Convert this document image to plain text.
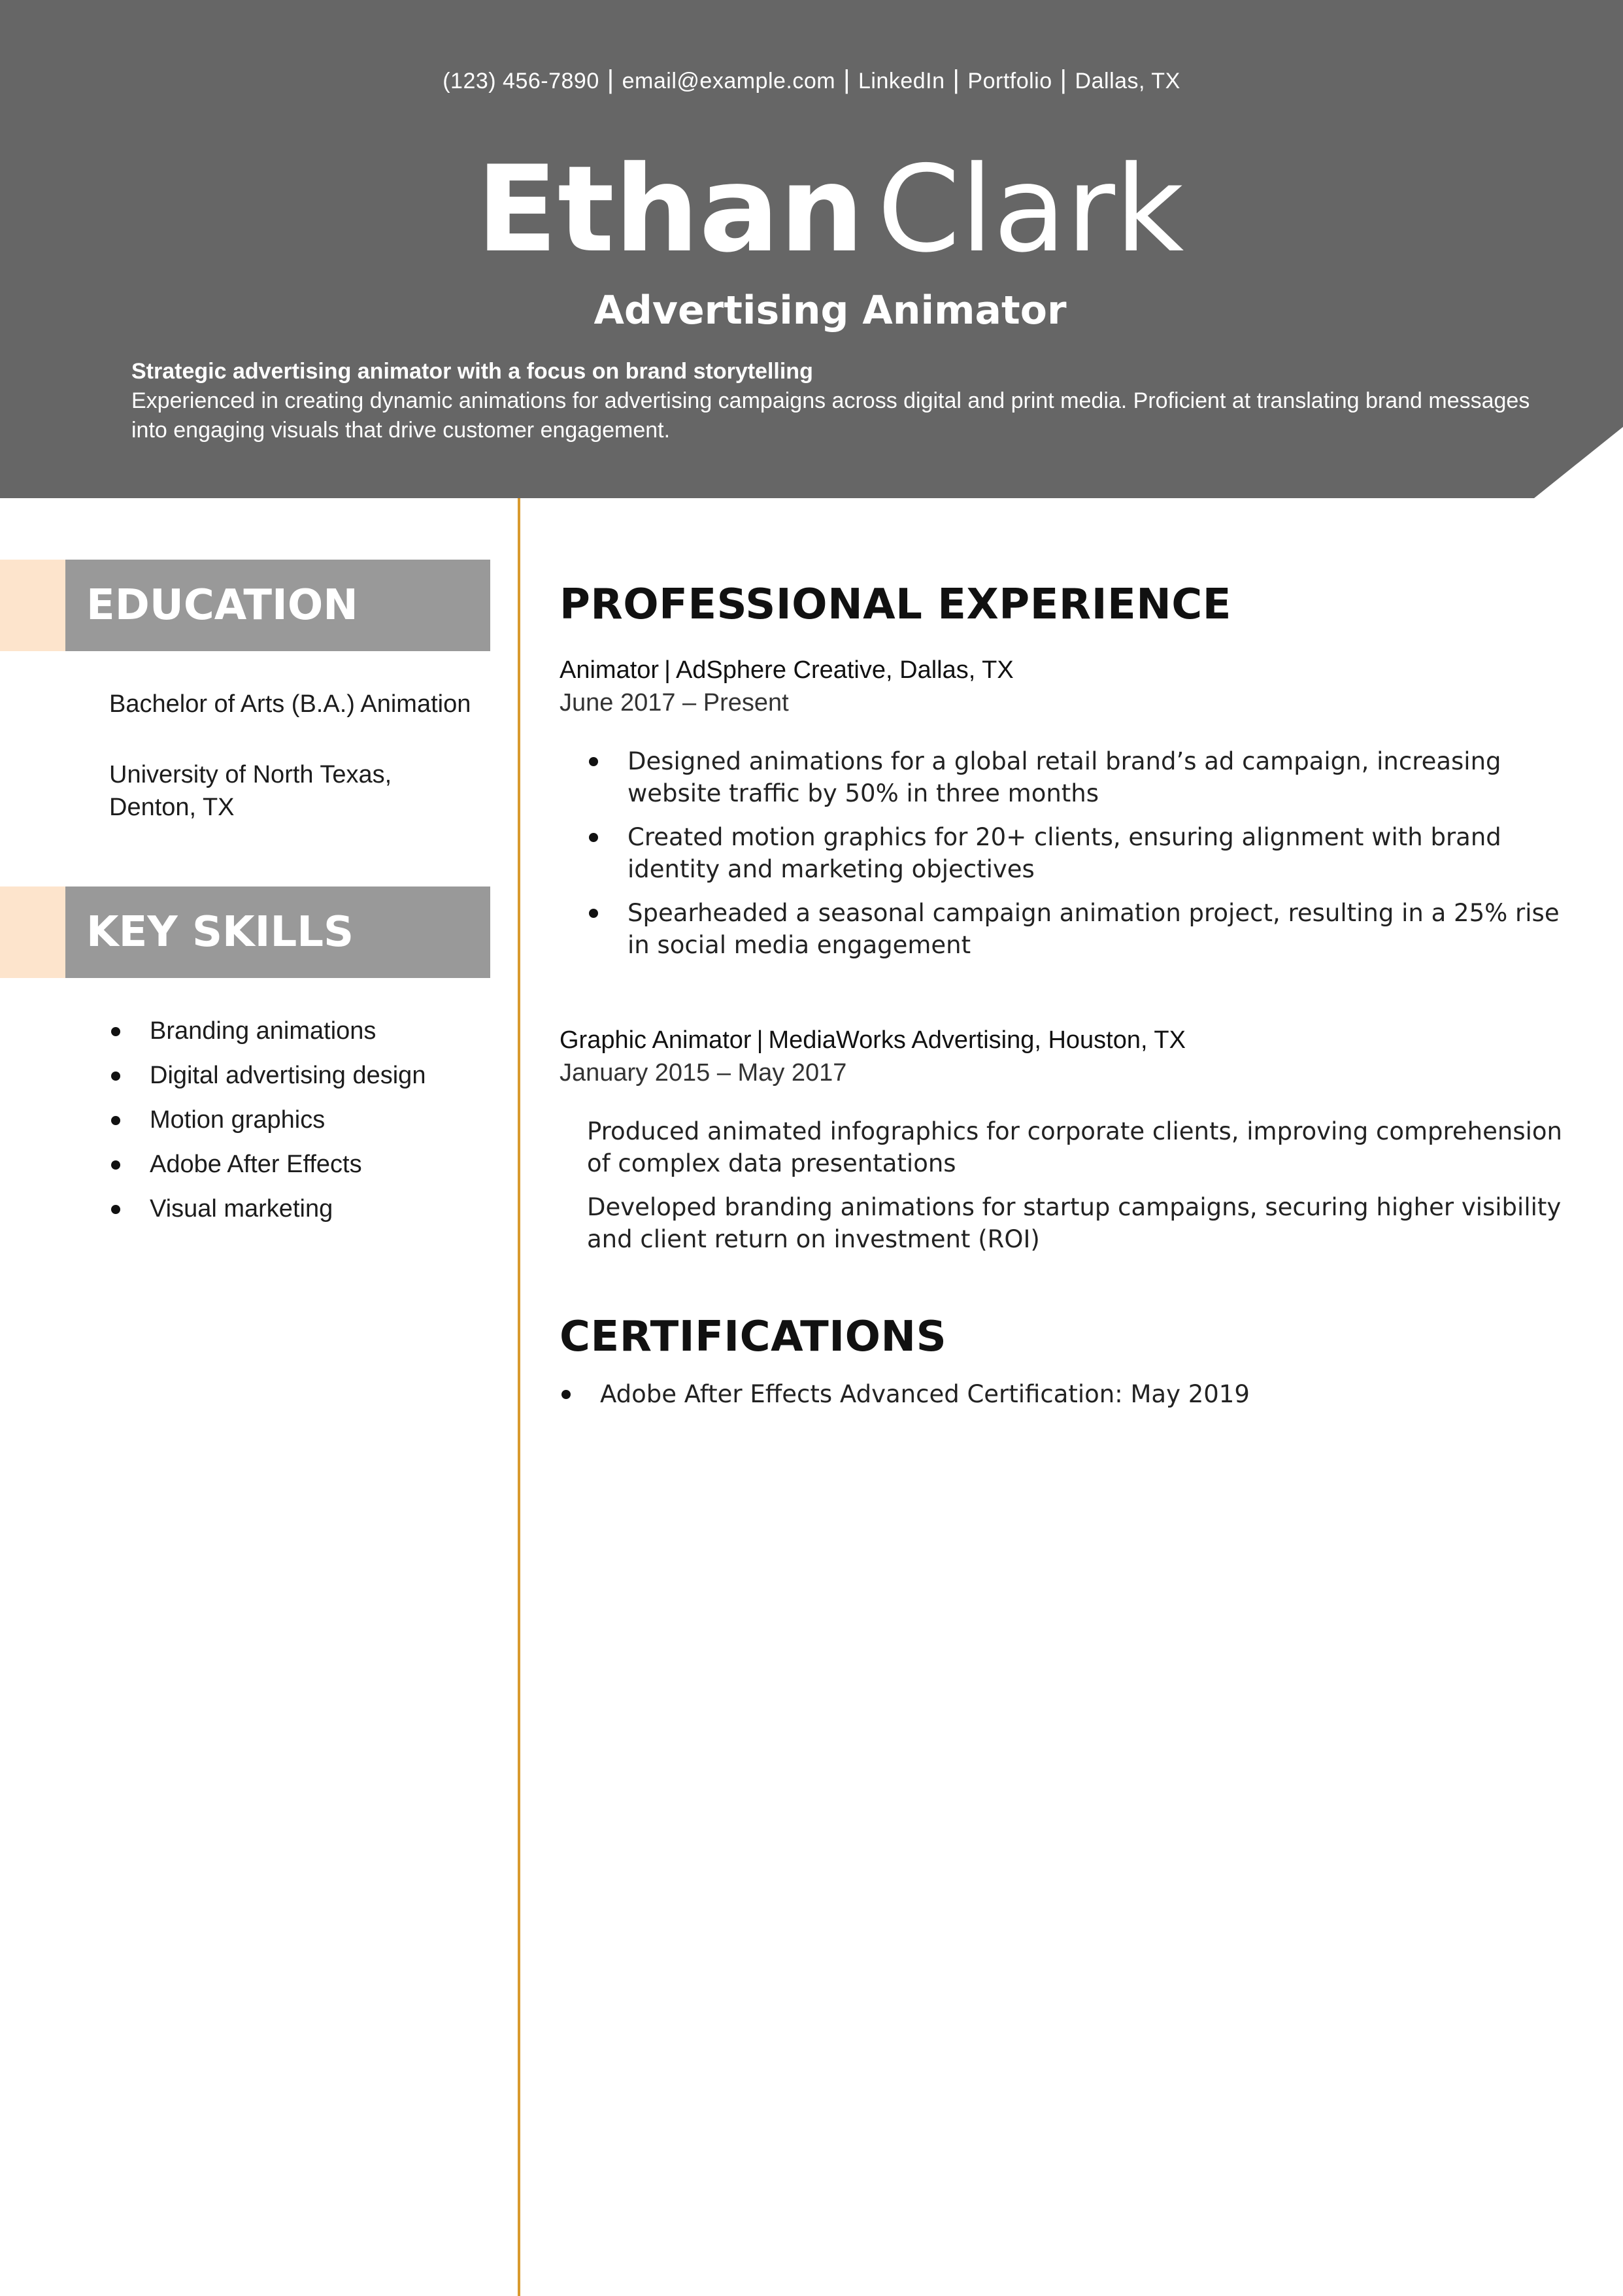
(123) 456-7890 | email@example.com | LinkedIn | Portfolio | Dallas, TX
Ethan Clark
Advertising Animator
Strategic advertising animator with a focus on brand storytelling
Experienced in creating dynamic animations for advertising campaigns across digital and print media. Proficient at translating brand messages into engaging visuals that drive customer engagement.
EDUCATION
Bachelor of Arts (B.A.) Animation
University of North Texas,
Denton, TX
KEY SKILLS
Branding animations
Digital advertising design
Motion graphics
Adobe After Effects
Visual marketing
PROFESSIONAL EXPERIENCE
Animator | AdSphere Creative, Dallas, TX
June 2017 – Present
Designed animations for a global retail brand’s ad campaign, increasing website traffic by 50% in three months
Created motion graphics for 20+ clients, ensuring alignment with brand identity and marketing objectives
Spearheaded a seasonal campaign animation project, resulting in a 25% rise in social media engagement
Graphic Animator | MediaWorks Advertising, Houston, TX
January 2015 – May 2017
Produced animated infographics for corporate clients, improving comprehension of complex data presentations
Developed branding animations for startup campaigns, securing higher visibility and client return on investment (ROI)
CERTIFICATIONS
Adobe After Effects Advanced Certification: May 2019
